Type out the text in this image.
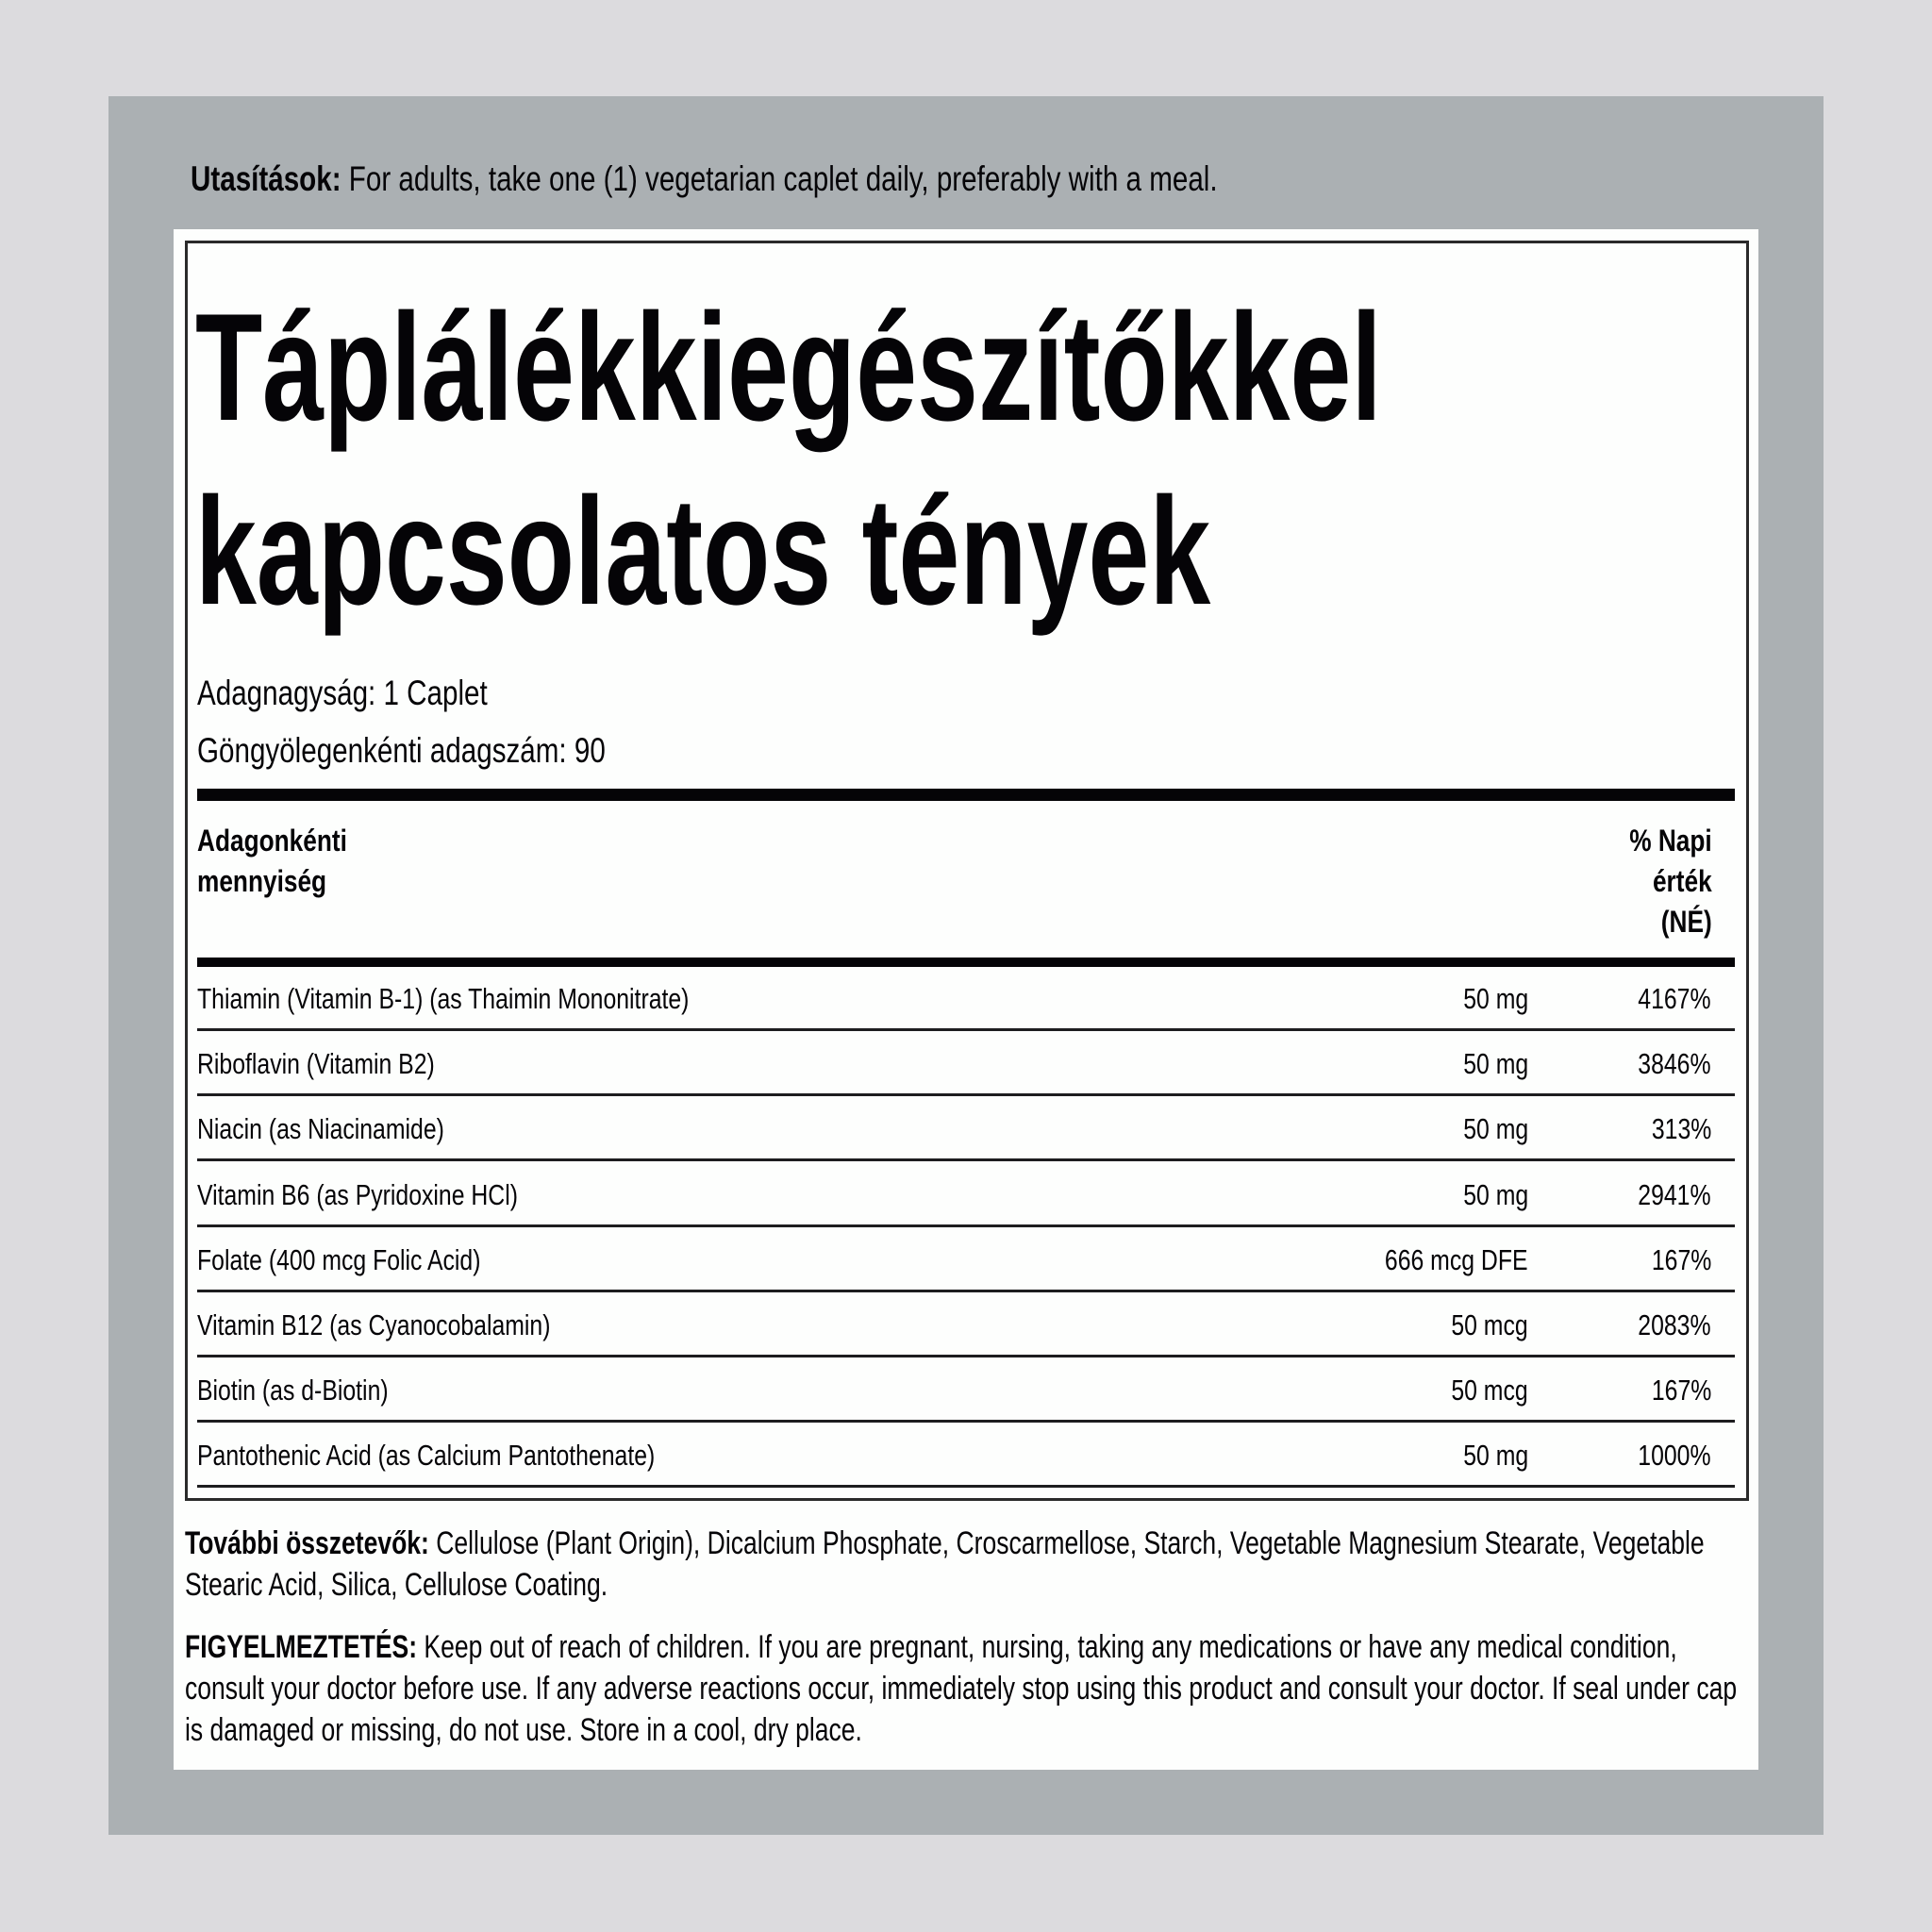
Utasítások: For adults, take one (1) vegetarian caplet daily, preferably with a meal.
Táplálékkiegészítőkkel
kapcsolatos tények
Adagnagyság: 1 Caplet
Göngyölegenkénti adagszám: 90
Adagonkénti
mennyiség
% Napi
érték
(NÉ)
Thiamin (Vitamin B-1) (as Thaimin Mononitrate)	50 mg	4167%
Riboflavin (Vitamin B2)	50 mg	3846%
Niacin (as Niacinamide)	50 mg	313%
Vitamin B6 (as Pyridoxine HCl)	50 mg	2941%
Folate (400 mcg Folic Acid)	666 mcg DFE	167%
Vitamin B12 (as Cyanocobalamin)	50 mcg	2083%
Biotin (as d-Biotin)	50 mcg	167%
Pantothenic Acid (as Calcium Pantothenate)	50 mg	1000%
További összetevők: Cellulose (Plant Origin), Dicalcium Phosphate, Croscarmellose, Starch, Vegetable Magnesium Stearate, Vegetable Stearic Acid, Silica, Cellulose Coating.
FIGYELMEZTETÉS: Keep out of reach of children. If you are pregnant, nursing, taking any medications or have any medical condition, consult your doctor before use. If any adverse reactions occur, immediately stop using this product and consult your doctor. If seal under cap is damaged or missing, do not use. Store in a cool, dry place.
